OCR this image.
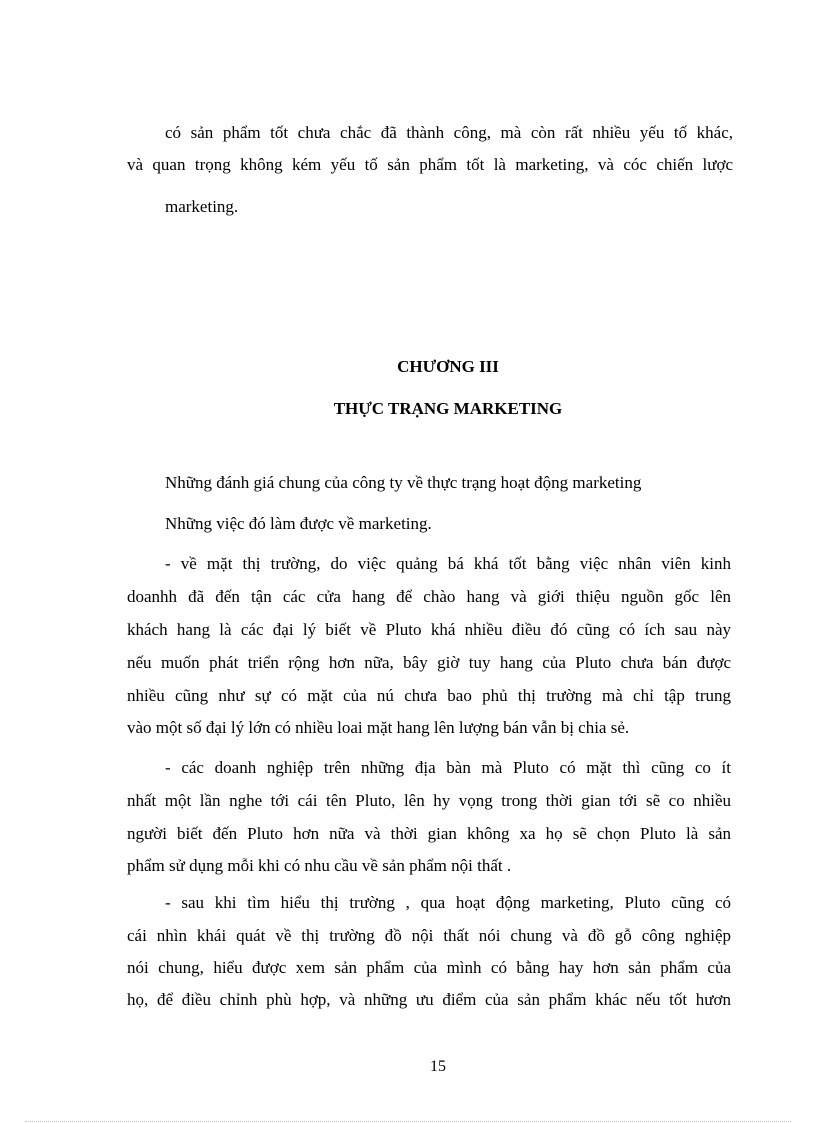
có sản phẩm tốt chưa chắc đã thành công, mà còn rất nhiều yếu tố khác,
và quan trọng không kém yếu tố sản phẩm tốt là marketing, và cóc chiến lược
marketing.
CHƯƠNG III
THỰC TRẠNG MARKETING
Những đánh giá chung của công ty về thực trạng hoạt động marketing
Những việc đó làm được về marketing.
- về mặt thị trường, do việc quảng bá khá tốt bằng việc nhân viên kinh
doanhh đã đến tận các cửa hang để chào hang và giới thiệu nguồn gốc lên
khách hang là các đại lý biết về Pluto khá nhiều điều đó cũng có ích sau này
nếu muốn phát triển rộng hơn nữa, bây giờ tuy hang của Pluto chưa bán được
nhiều cũng như sự có mặt của nú chưa bao phủ thị trường mà chỉ tập trung
vào một số đại lý lớn có nhiều loai mặt hang lên lượng bán vẫn bị chia sẻ.
- các doanh nghiệp trên những địa bàn mà Pluto có mặt thì cũng co ít
nhất một lần nghe tới cái tên Pluto, lên hy vọng trong thời gian tới sẽ co nhiều
người biết đến Pluto hơn nữa và thời gian không xa họ sẽ chọn Pluto là sản
phẩm sử dụng mỗi khi có nhu cầu về sản phẩm nội thất .
- sau khi tìm hiểu thị trường , qua hoạt động marketing, Pluto cũng có
cái nhìn khái quát về thị trường đồ nội thất nói chung và đồ gỗ công nghiệp
nói chung, hiểu được xem sản phẩm của mình có bằng hay hơn sản phẩm của
họ, để điều chỉnh phù hợp, và những ưu điểm của sản phẩm khác nếu tốt hươn
15
